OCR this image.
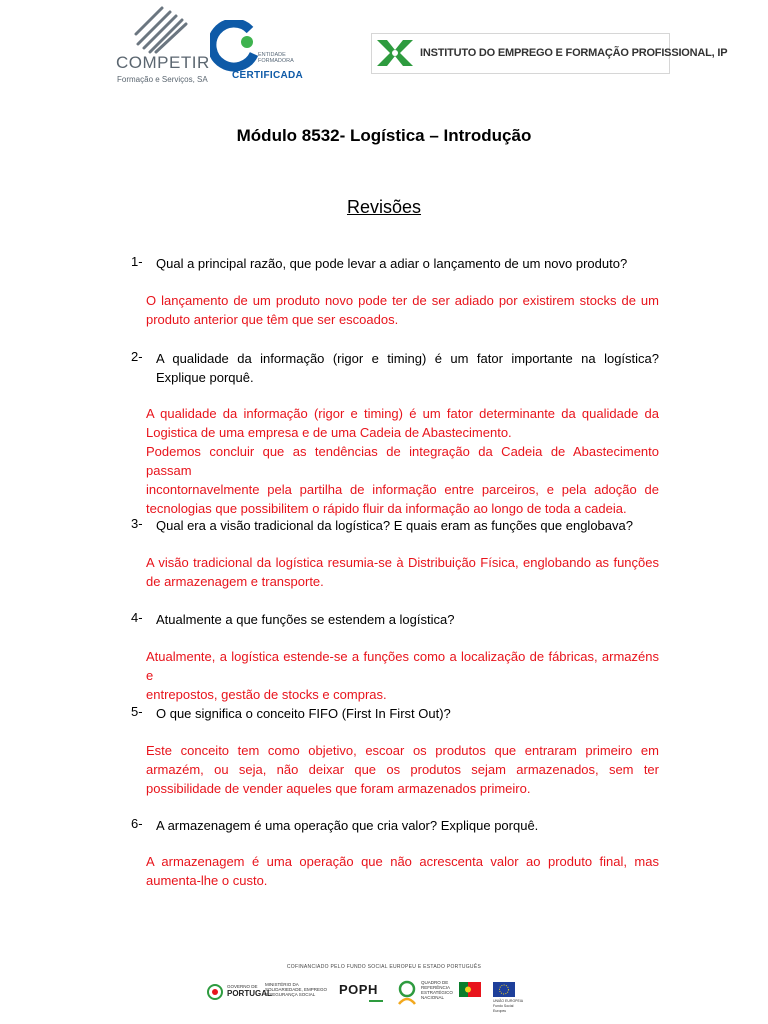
COMPETIR
Formação e Serviços, SA
ENTIDADE FORMADORA
CERTIFICADA
INSTITUTO DO EMPREGO E FORMAÇÃO PROFISSIONAL, IP
Módulo 8532- Logística – Introdução
Revisões
1- Qual a principal razão, que pode levar a adiar o lançamento de um novo produto?
O lançamento de um produto novo pode ter de ser adiado por existirem stocks de um
produto anterior que têm que ser escoados.
2- A qualidade da informação (rigor e timing) é um fator importante na logística?
Explique porquê.
A qualidade da informação (rigor e timing) é um fator determinante da qualidade da
Logistica de uma empresa e de uma Cadeia de Abastecimento.
Podemos concluir que as tendências de integração da Cadeia de Abastecimento passam
incontornavelmente pela partilha de informação entre parceiros, e pela adoção de
tecnologias que possibilitem o rápido fluir da informação ao longo de toda a cadeia.
3- Qual era a visão tradicional da logística? E quais eram as funções que englobava?
A visão tradicional da logística resumia-se à Distribuição Física, englobando as funções
de armazenagem e transporte.
4- Atualmente a que funções se estendem a logística?
Atualmente, a logística estende-se a funções como a localização de fábricas, armazéns e
entrepostos, gestão de stocks e compras.
5- O que significa o conceito FIFO (First In First Out)?
Este conceito tem como objetivo, escoar os produtos que entraram primeiro em
armazém, ou seja, não deixar que os produtos sejam armazenados, sem ter
possibilidade de vender aqueles que foram armazenados primeiro.
6- A armazenagem é uma operação que cria valor? Explique porquê.
A armazenagem é uma operação que não acrescenta valor ao produto final, mas
aumenta-lhe o custo.
COFINANCIADO PELO FUNDO SOCIAL EUROPEU E ESTADO PORTUGUÊS
GOVERNO DE
PORTUGAL
MINISTÉRIO DA SOLIDARIEDADE, EMPREGO E SEGURANÇA SOCIAL	POPH	QUADRO DE REFERÊNCIA ESTRATÉGICO NACIONAL
UNIÃO EUROPEIA Fundo Social Europeu
